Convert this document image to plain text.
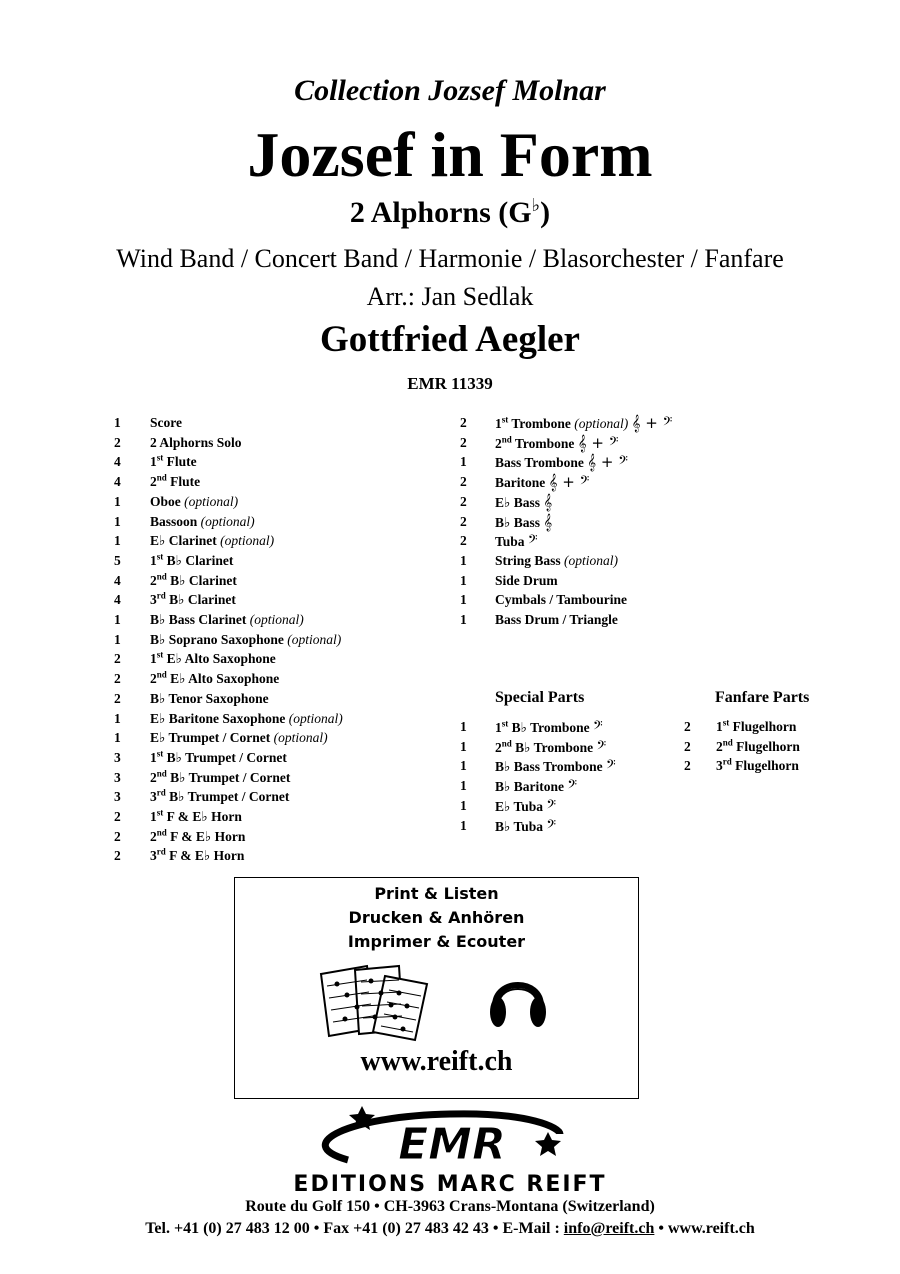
Collection Jozsef Molnar
Jozsef in Form
2 Alphorns (G♭)
Wind Band / Concert Band / Harmonie / Blasorchester / Fanfare
Arr.: Jan Sedlak
Gottfried Aegler
EMR 11339
1	Score
2	2 Alphorns Solo
4	1st Flute
4	2nd Flute
1	Oboe (optional)
1	Bassoon (optional)
1	E♭ Clarinet (optional)
5	1st B♭ Clarinet
4	2nd B♭ Clarinet
4	3rd B♭ Clarinet
1	B♭ Bass Clarinet (optional)
1	B♭ Soprano Saxophone (optional)
2	1st E♭ Alto Saxophone
2	2nd E♭ Alto Saxophone
2	B♭ Tenor Saxophone
1	E♭ Baritone Saxophone (optional)
1	E♭ Trumpet / Cornet (optional)
3	1st B♭ Trumpet / Cornet
3	2nd B♭ Trumpet / Cornet
3	3rd B♭ Trumpet / Cornet
2	1st F & E♭ Horn
2	2nd F & E♭ Horn
2	3rd F & E♭ Horn
2	1st Trombone (optional) 𝄞 + 𝄢
2	2nd Trombone 𝄞 + 𝄢
1	Bass Trombone 𝄞 + 𝄢
2	Baritone 𝄞 + 𝄢
2	E♭ Bass 𝄞
2	B♭ Bass 𝄞
2	Tuba 𝄢
1	String Bass (optional)
1	Side Drum
1	Cymbals / Tambourine
1	Bass Drum / Triangle
Special Parts	Fanfare Parts
1	1st B♭ Trombone 𝄢
1	2nd B♭ Trombone 𝄢
1	B♭ Bass Trombone 𝄢
1	B♭ Baritone 𝄢
1	E♭ Tuba 𝄢
1	B♭ Tuba 𝄢
2	1st Flugelhorn
2	2nd Flugelhorn
2	3rd Flugelhorn
Print & Listen
Drucken & Anhören
Imprimer & Ecouter
www.reift.ch
EMR
EDITIONS MARC REIFT
Route du Golf 150 • CH-3963 Crans-Montana (Switzerland)
Tel. +41 (0) 27 483 12 00 • Fax +41 (0) 27 483 42 43 • E-Mail : info@reift.ch • www.reift.ch
